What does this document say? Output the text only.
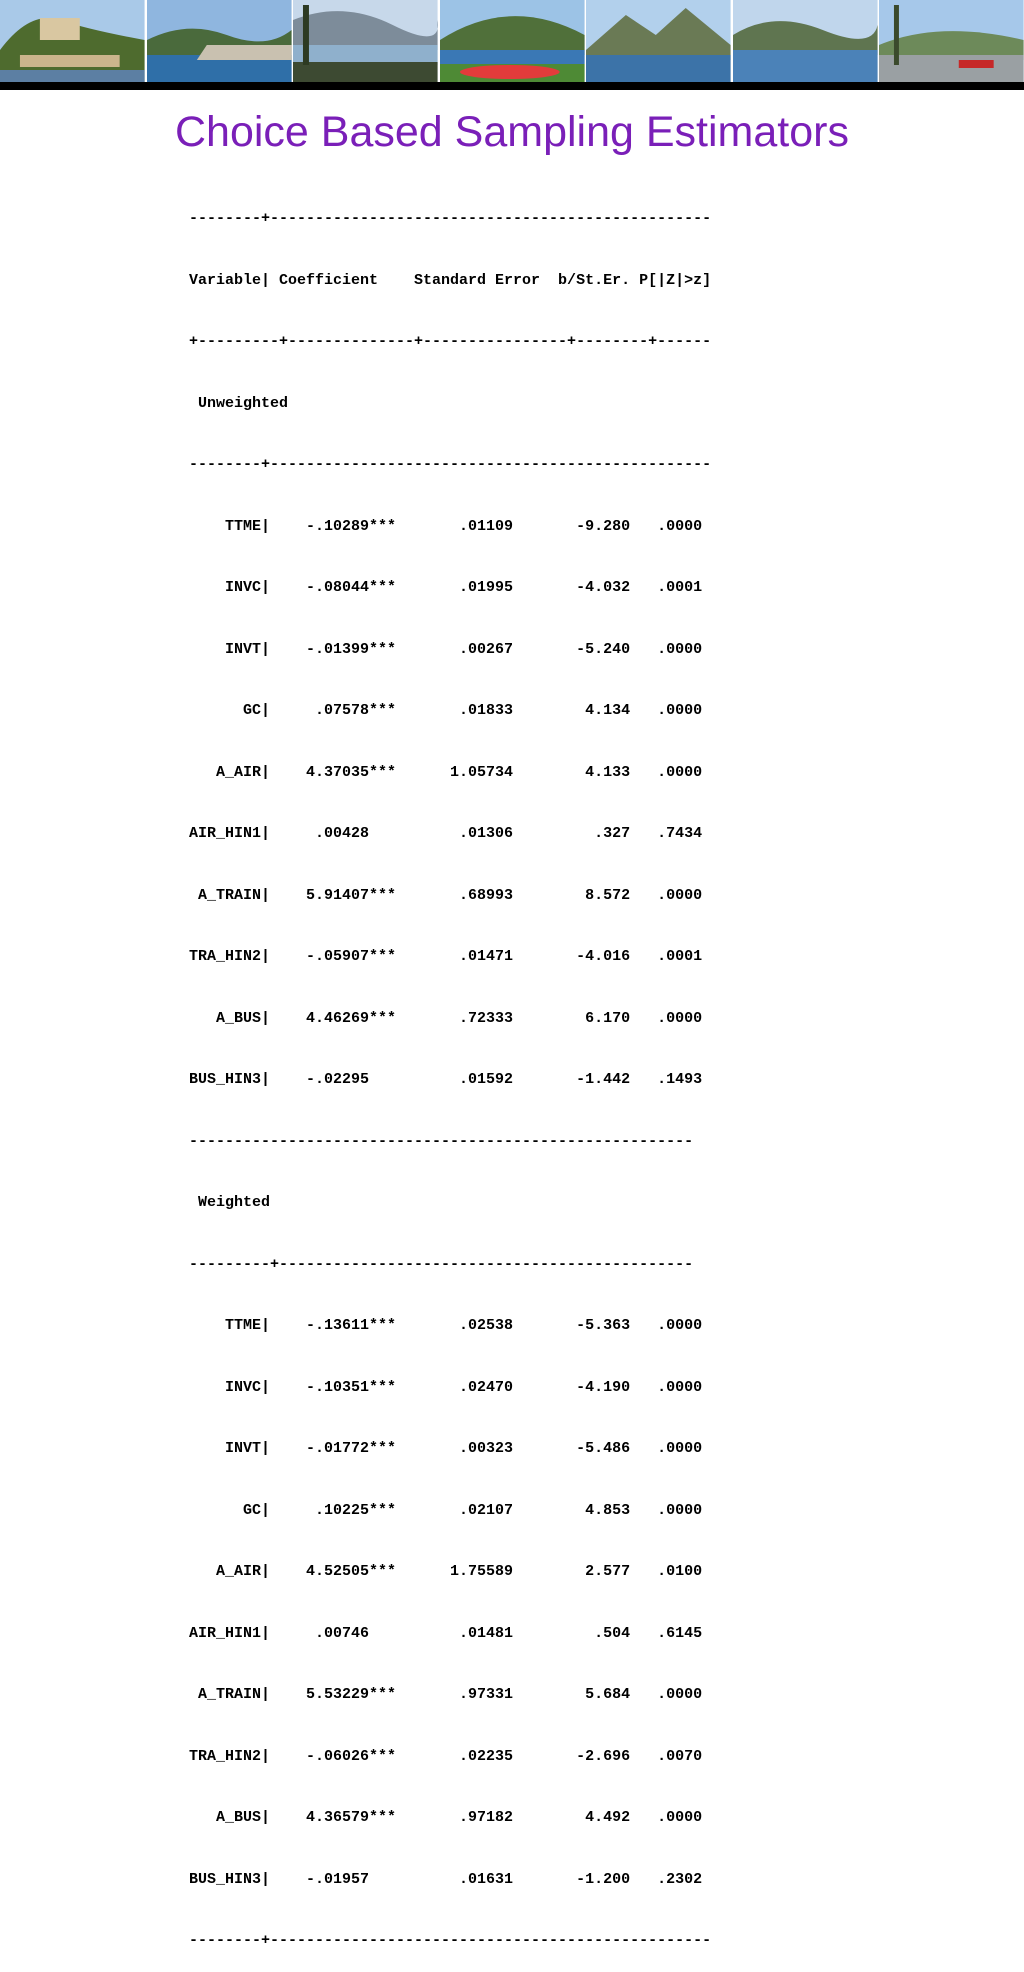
Choice Based Sampling Estimators

--------+-------------------------------------------------

Variable| Coefficient    Standard Error  b/St.Er. P[|Z|>z]

+---------+--------------+----------------+--------+------

Unweighted

--------+-------------------------------------------------

TTME|    -.10289***       .01109       -9.280   .0000

INVC|    -.08044***       .01995       -4.032   .0001

INVT|    -.01399***       .00267       -5.240   .0000

GC|     .07578***       .01833        4.134   .0000

A_AIR|    4.37035***      1.05734        4.133   .0000

AIR_HIN1|     .00428          .01306         .327   .7434

A_TRAIN|    5.91407***       .68993        8.572   .0000

TRA_HIN2|    -.05907***       .01471       -4.016   .0001

A_BUS|    4.46269***       .72333        6.170   .0000

BUS_HIN3|    -.02295          .01592       -1.442   .1493

--------------------------------------------------------

Weighted

---------+----------------------------------------------

TTME|    -.13611***       .02538       -5.363   .0000

INVC|    -.10351***       .02470       -4.190   .0000

INVT|    -.01772***       .00323       -5.486   .0000

GC|     .10225***       .02107        4.853   .0000

A_AIR|    4.52505***      1.75589        2.577   .0100

AIR_HIN1|     .00746          .01481         .504   .6145

A_TRAIN|    5.53229***       .97331        5.684   .0000

TRA_HIN2|    -.06026***       .02235       -2.696   .0070

A_BUS|    4.36579***       .97182        4.492   .0000

BUS_HIN3|    -.01957          .01631       -1.200   .2302

--------+-------------------------------------------------
